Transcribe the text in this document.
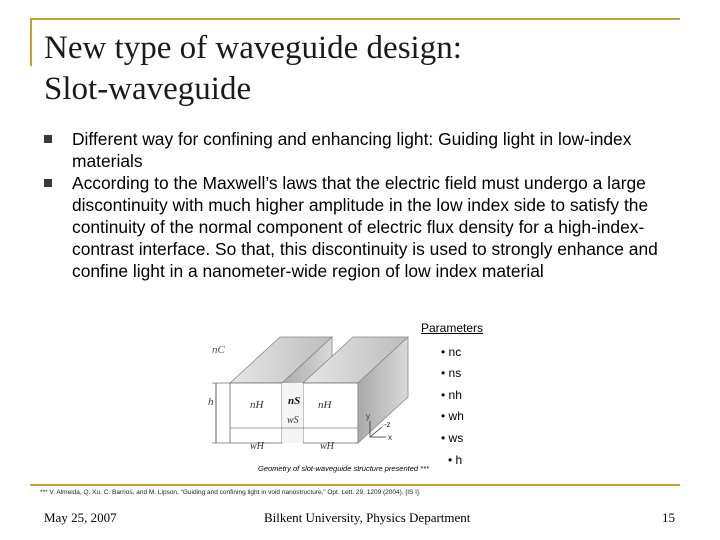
New type of waveguide design:
Slot-waveguide

Different way for confining and enhancing light: Guiding light in low-index materials

According to the Maxwell’s laws that the electric field must undergo a large discontinuity with much higher amplitude in the low index side to satisfy the continuity of the normal component of electric flux density for a high-index-contrast interface. So that, this discontinuity is used to strongly enhance and confine light in a nanometer-wide region of low index material

nC
nH nS nH
h
wH
wS
wH
y
-z
x
Parameters
• nc
• ns
• nh
• wh
• ws
• h
Geometry of slot-waveguide structure presented ***
*** V. Almeida, Q. Xu, C. Barrios, and M. Lipson, “Guiding and confining light in void nanostructure,” Opt. Lett. 29, 1209 (2004). [IS I].
May 25, 2007	Bilkent University, Physics Department	15
